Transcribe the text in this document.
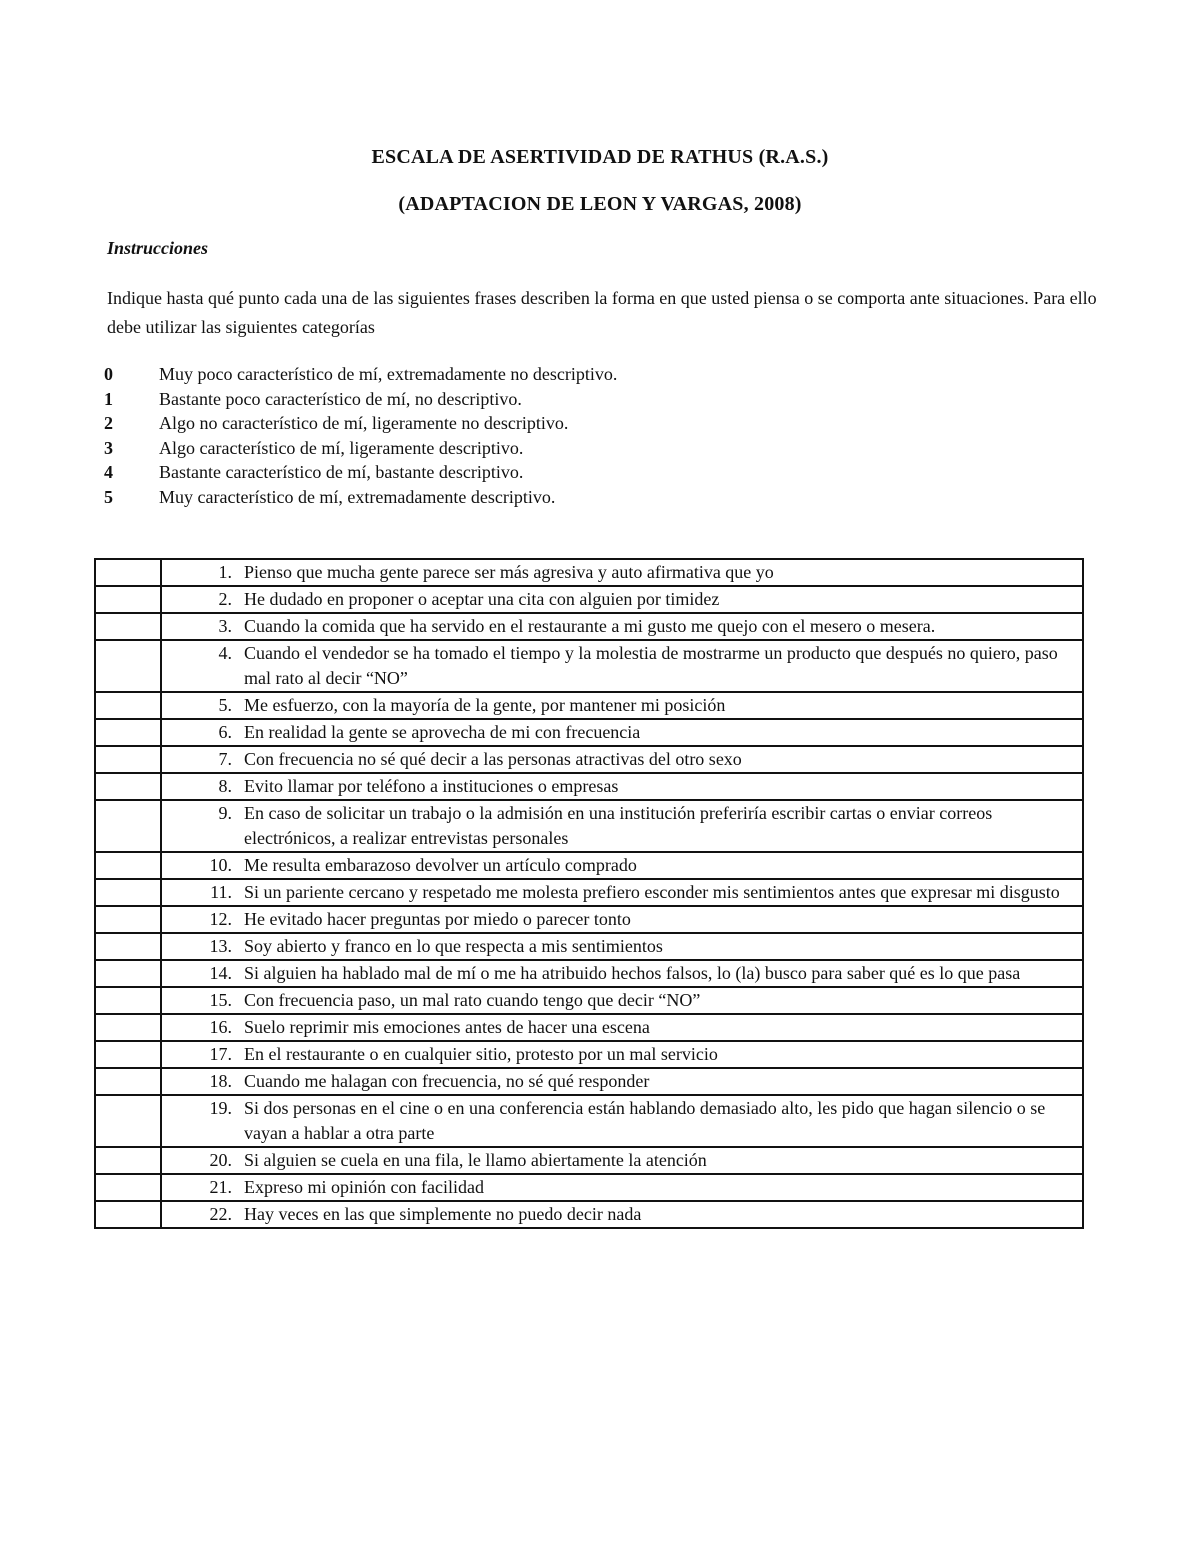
ESCALA DE ASERTIVIDAD DE RATHUS (R.A.S.)
(ADAPTACION DE LEON Y VARGAS, 2008)
Instrucciones
Indique hasta qué punto cada una de las siguientes frases describen la forma en que usted piensa o se comporta ante situaciones. Para ello debe utilizar las siguientes categorías
0	Muy poco característico de mí, extremadamente no descriptivo.
1	Bastante poco característico de mí, no descriptivo.
2	Algo no característico de mí, ligeramente no descriptivo.
3	Algo característico de mí, ligeramente descriptivo.
4	Bastante característico de mí, bastante descriptivo.
5	Muy característico de mí, extremadamente descriptivo.

	1. Pienso que mucha gente parece ser más agresiva y auto afirmativa que yo

	2. He dudado en proponer o aceptar una cita con alguien por timidez

	3. Cuando la comida que ha servido en el restaurante a mi gusto me quejo con el mesero o mesera.

	4. Cuando el vendedor se ha tomado el tiempo y la molestia de mostrarme un producto que después no quiero, paso mal rato al decir “NO”

	5. Me esfuerzo, con la mayoría de la gente, por mantener mi posición

	6. En realidad la gente se aprovecha de mi con frecuencia

	7. Con frecuencia no sé qué decir a las personas atractivas del otro sexo

	8. Evito llamar por teléfono a instituciones o empresas

	9. En caso de solicitar un trabajo o la admisión en una institución preferiría escribir cartas o enviar correos electrónicos, a realizar entrevistas personales

	10. Me resulta embarazoso devolver un artículo comprado

	11. Si un pariente cercano y respetado me molesta prefiero esconder mis sentimientos antes que expresar mi disgusto

	12. He evitado hacer preguntas por miedo o parecer tonto

	13. Soy abierto y franco en lo que respecta a mis sentimientos

	14. Si alguien ha hablado mal de mí o me ha atribuido hechos falsos, lo (la) busco para saber qué es lo que pasa

	15. Con frecuencia paso, un mal rato cuando tengo que decir “NO”

	16. Suelo reprimir mis emociones antes de hacer una escena

	17. En el restaurante o en cualquier sitio, protesto por un mal servicio

	18. Cuando me halagan con frecuencia, no sé qué responder

	19. Si dos personas en el cine o en una conferencia están hablando demasiado alto, les pido que hagan silencio o se vayan a hablar a otra parte

	20. Si alguien se cuela en una fila, le llamo abiertamente la atención

	21. Expreso mi opinión con facilidad

	22. Hay veces en las que simplemente no puedo decir nada
